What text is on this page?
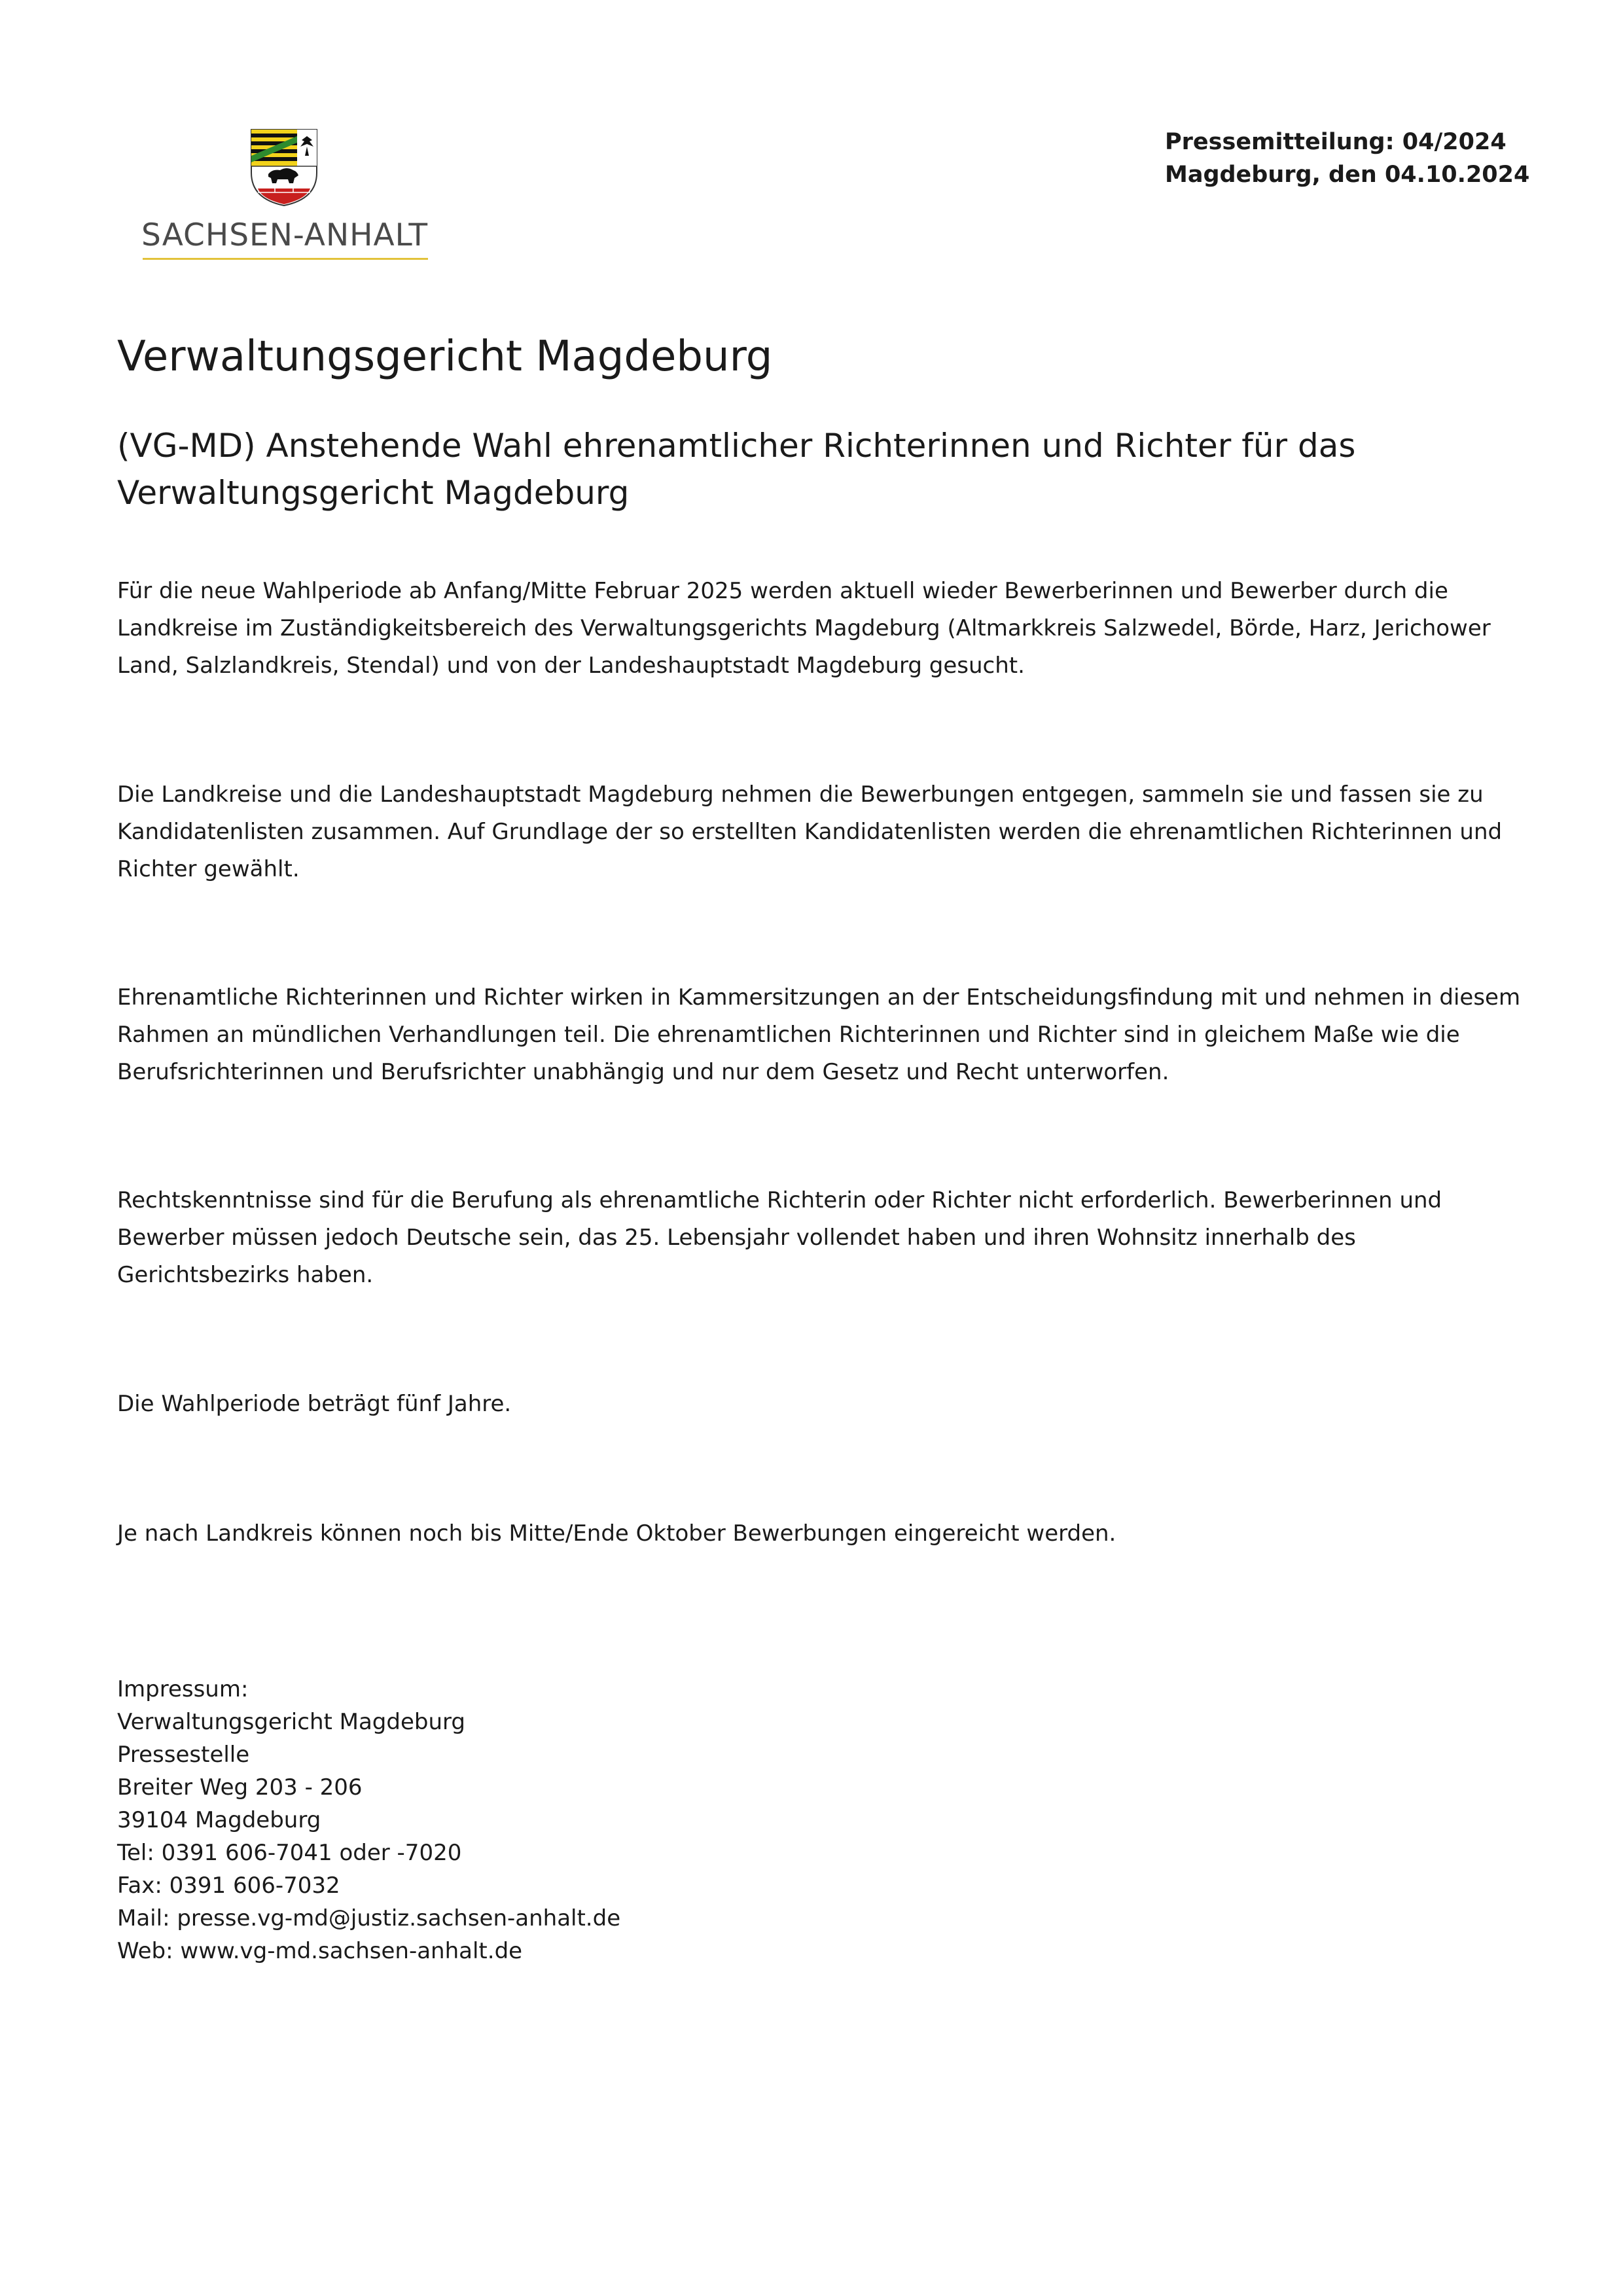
SACHSEN-ANHALT
Pressemitteilung: 04/2024
Magdeburg, den 04.10.2024
Verwaltungsgericht Magdeburg
(VG-MD) Anstehende Wahl ehrenamtlicher Richterinnen und Richter für das Verwaltungsgericht Magdeburg

Für die neue Wahlperiode ab Anfang/Mitte Februar 2025 werden aktuell wieder Bewerberinnen und Bewerber durch die Landkreise im Zuständigkeitsbereich des Verwaltungsgerichts Magdeburg (Altmarkkreis Salzwedel, Börde, Harz, Jerichower Land, Salzlandkreis, Stendal) und von der Landeshauptstadt Magdeburg gesucht.

Die Landkreise und die Landeshauptstadt Magdeburg nehmen die Bewerbungen entgegen, sammeln sie und fassen sie zu Kandidatenlisten zusammen. Auf Grundlage der so erstellten Kandidatenlisten werden die ehrenamtlichen Richterinnen und Richter gewählt.

Ehrenamtliche Richterinnen und Richter wirken in Kammersitzungen an der Entscheidungsfindung mit und nehmen in diesem Rahmen an mündlichen Verhandlungen teil. Die ehrenamtlichen Richterinnen und Richter sind in gleichem Maße wie die Berufsrichterinnen und Berufsrichter unabhängig und nur dem Gesetz und Recht unterworfen.

Rechtskenntnisse sind für die Berufung als ehrenamtliche Richterin oder Richter nicht erforderlich. Bewerberinnen und Bewerber müssen jedoch Deutsche sein, das 25. Lebensjahr vollendet haben und ihren Wohnsitz innerhalb des Gerichtsbezirks haben.

Die Wahlperiode beträgt fünf Jahre.

Je nach Landkreis können noch bis Mitte/Ende Oktober Bewerbungen eingereicht werden.

Impressum:
Verwaltungsgericht Magdeburg
Pressestelle
Breiter Weg 203 - 206
39104 Magdeburg
Tel: 0391 606-7041 oder -7020
Fax: 0391 606-7032
Mail: presse.vg-md@justiz.sachsen-anhalt.de
Web: www.vg-md.sachsen-anhalt.de
